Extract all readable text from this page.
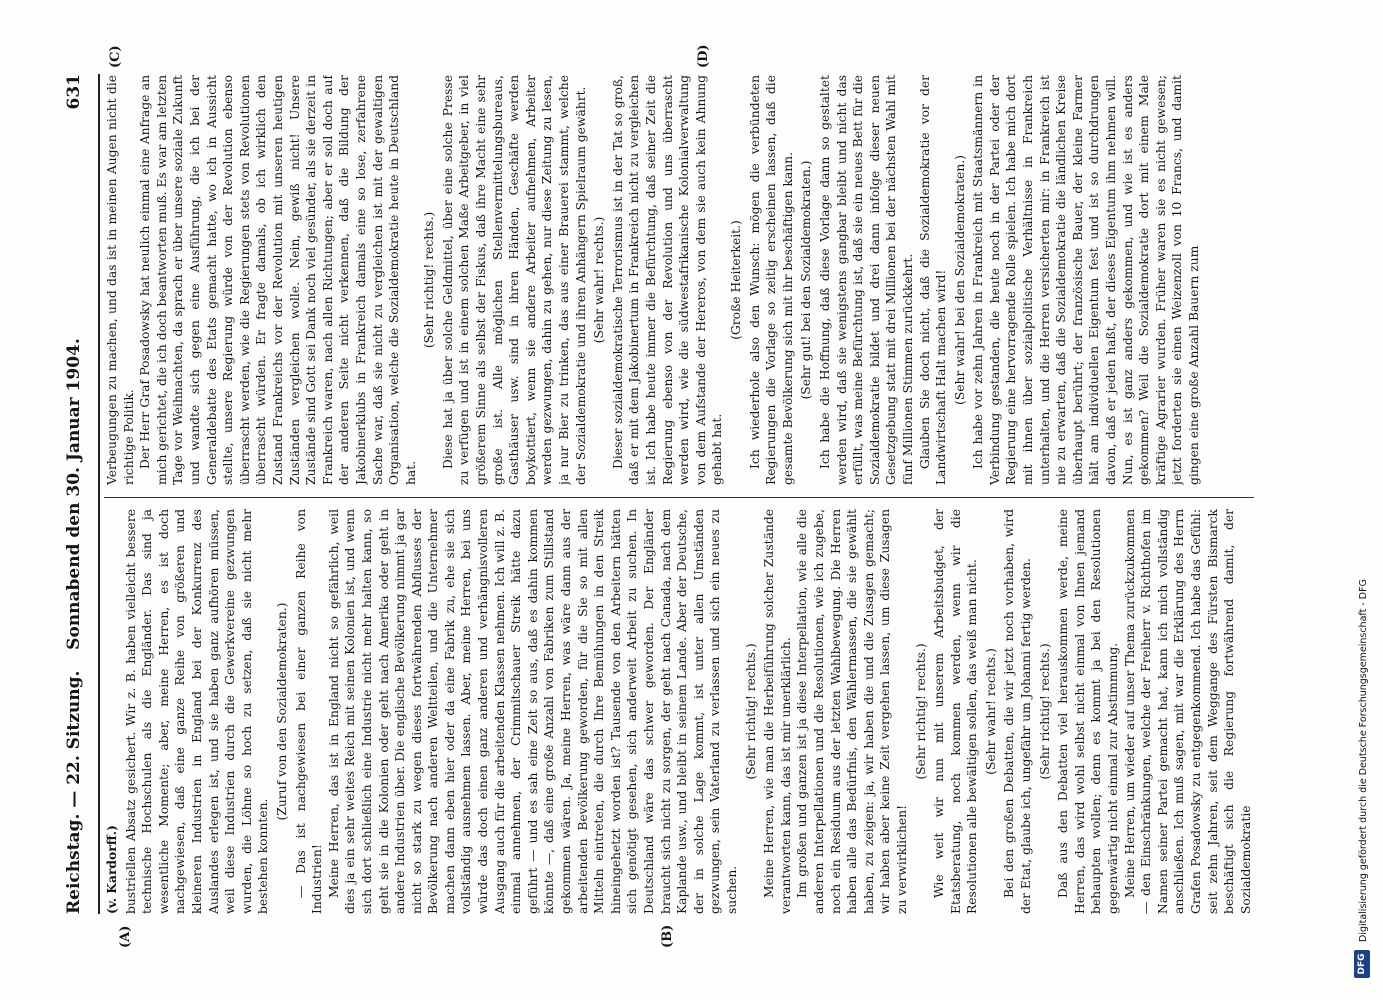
Reichstag. — 22. Sitzung.
Sonnabend den 30. Januar 1904.
631
(A)	(B)
(C)	(D)
(v. Kardorff.) bustriellen Absatz gesichert. Wir z. B. haben vielleicht bessere technische Hochschulen als die Engländer. Das sind ja wesentliche Momente; aber, meine Herren, es ist doch nachgewiesen, daß eine ganze Reihe von größeren und kleineren Industrien in England bei der Konkurrenz des Auslandes erlegen ist, und sie haben ganz aufhören müssen, weil diese Industrien durch die Gewerkvereine gezwungen wurden, die Löhne so hoch zu setzen, daß sie nicht mehr bestehen konnten.

(Zuruf von den Sozialdemokraten.) — Das ist nachgewiesen bei einer ganzen Reihe von Industrien! Meine Herren, das ist in England nicht so gefährlich, weil dies ja ein sehr weites Reich mit seinen Kolonien ist, und wenn sich dort schließlich eine Industrie nicht mehr halten kann, so geht sie in die Kolonien oder geht nach Amerika oder geht in andere Industrien über. Die englische Bevölkerung nimmt ja gar nicht so stark zu wegen dieses fortwährenden Abflusses der Bevölkerung nach anderen Weltteilen, und die Unternehmer machen dann eben hier oder da eine Fabrik zu, ehe sie sich vollständig ausnehmen lassen. Aber, meine Herren, bei uns würde das doch einen ganz anderen und verhängnisvolleren Ausgang auch für die arbeitenden Klassen nehmen. Ich will z. B. einmal annehmen, der Crimmitschauer Streik hätte dazu geführt — und es sah eine Zeit so aus, daß es dahin kommen könnte —, daß eine große Anzahl von Fabriken zum Stillstand gekommen wären. Ja, meine Herren, was wäre dann aus der arbeitenden Bevölkerung geworden, für die Sie so mit allen Mitteln eintreten, die durch Ihre Bemühungen in den Streik hineingehetzt worden ist? Tausende von den Arbeitern hätten sich genötigt gesehen, sich anderweit Arbeit zu suchen. In Deutschland wäre das schwer geworden. Der Engländer braucht sich nicht zu sorgen, der geht nach Canada, nach dem Kaplande usw., und bleibt in seinem Lande. Aber der Deutsche, der in solche Lage kommt, ist unter allen Umständen gezwungen, sein Vaterland zu verlassen und sich ein neues zu suchen.

(Sehr richtig! rechts.) Meine Herren, wie man die Herbeiführung solcher Zustände verantworten kann, das ist mir unerklärlich. Im großen und ganzen ist ja diese Interpellation, wie alle die anderen Interpellationen und die Resolutionen, wie ich zugebe, noch ein Residuum aus der letzten Wahlbewegung. Die Herren haben alle das Bedürfnis, den Wählermassen, die sie gewählt haben, zu zeigen: ja, wir haben die und die Zusagen gemacht; wir haben aber keine Zeit vergehen lassen, um diese Zusagen zu verwirklichen!

(Sehr richtig! rechts.) Wie weit wir nun mit unserem Arbeitsbudget, der Etatsberatung, noch kommen werden, wenn wir die Resolutionen alle bewältigen sollen, das weiß man nicht. (Sehr wahr! rechts.) Bei den großen Debatten, die wir jetzt noch vorhaben, wird der Etat, glaube ich, ungefähr um Johanni fertig werden. (Sehr richtig! rechts.) Daß aus den Debatten viel herauskommen werde, meine Herren, das wird wohl selbst nicht einmal von Ihnen jemand behaupten wollen; denn es kommt ja bei den Resolutionen gegenwärtig nicht einmal zur Abstimmung. Meine Herren, um wieder auf unser Thema zurückzukommen — den Einschränkungen, welche der Freiherr v. Richthofen im Namen seiner Partei gemacht hat, kann ich mich vollständig anschließen. Ich muß sagen, mit war die Erklärung des Herrn Grafen Posadowsky zu entgegenkommend. Ich habe das Gefühl: seit zehn Jahren, seit dem Weggange des Fürsten Bismarck beschäftigt sich die Regierung fortwährend damit, der Sozialdemokratie

Verbeugungen zu machen, und das ist in meinen Augen nicht die richtige Politik. Der Herr Graf Posadowsky hat neulich einmal eine Anfrage an mich gerichtet, die ich doch beantworten muß. Es war am letzten Tage vor Weihnachten, da sprach er über unsere soziale Zukunft und wandte sich gegen eine Ausführung, die ich bei der Generaldebatte des Etats gemacht hatte, wo ich in Aussicht stellte, unsere Regierung würde von der Revolution ebenso überrascht werden, wie die Regierungen stets von Revolutionen überrascht würden. Er fragte damals, ob ich wirklich den Zustand Frankreichs vor der Revolution mit unseren heutigen Zuständen vergleichen wolle. Nein, gewiß nicht! Unsere Zustände sind Gott sei Dank noch viel gesünder, als sie derzeit in Frankreich waren, nach allen Richtungen; aber er soll doch auf der anderen Seite nicht verkennen, daß die Bildung der Jakobinerklubs in Frankreich damals eine so lose, zerfahrene Sache war, daß sie nicht zu vergleichen ist mit der gewaltigen Organisation, welche die Sozialdemokratie heute in Deutschland hat.

(Sehr richtig! rechts.) Diese hat ja über solche Geldmittel, über eine solche Presse zu verfügen und ist in einem solchen Maße Arbeitgeber, in viel größerem Sinne als selbst der Fiskus, daß ihre Macht eine sehr große ist. Alle möglichen Stellenvermittelungsbureaus, Gasthäuser usw. sind in ihren Händen, Geschäfte werden boykottiert, wenn sie andere Arbeiter aufnehmen, Arbeiter werden gezwungen, dahin zu gehen, nur diese Zeitung zu lesen, ja nur Bier zu trinken, das aus einer Brauerei stammt, welche der Sozialdemokratie und ihren Anhängern Spielraum gewährt. (Sehr wahr! rechts.) Dieser sozialdemokratische Terrorismus ist in der Tat so groß, daß er mit dem Jakobinertum in Frankreich nicht zu vergleichen ist. Ich habe heute immer die Befürchtung, daß seiner Zeit die Regierung ebenso von der Revolution und uns überrascht werden wird, wie die südwestafrikanische Kolonialverwaltung von dem Aufstande der Hereros, von dem sie auch kein Ahnung gehabt hat.

(Große Heiterkeit.) Ich wiederhole also den Wunsch: mögen die verbündeten Regierungen die Vorlage so zeitig erscheinen lassen, daß die gesamte Bevölkerung sich mit ihr beschäftigen kann. (Sehr gut! bei den Sozialdemokraten.) Ich habe die Hoffnung, daß diese Vorlage dann so gestaltet werden wird, daß sie wenigstens gangbar bleibt und nicht das erfüllt, was meine Befürchtung ist, daß sie ein neues Bett für die Sozialdemokratie bildet und drei dann infolge dieser neuen Gesetzgebung statt mit drei Millionen bei der nächsten Wahl mit fünf Millionen Stimmen zurückkehrt. Glauben Sie doch nicht, daß die Sozialdemokratie vor der Landwirtschaft Halt machen wird! (Sehr wahr! bei den Sozialdemokraten.) Ich habe vor zehn Jahren in Frankreich mit Staatsmännern in Verbindung gestanden, die heute noch in der Partei oder der Regierung eine hervorragende Rolle spielen. Ich habe mich dort mit ihnen über sozialpolitische Verhältnisse in Frankreich unterhalten, und die Herren versicherten mir: in Frankreich ist nie zu erwarten, daß die Sozialdemokratie die ländlichen Kreise überhaupt berührt; der französische Bauer, der kleine Farmer hält am individuellen Eigentum fest und ist so durchdrungen davon, daß er jeden haßt, der dieses Eigentum ihm nehmen will. Nun, es ist ganz anders gekommen, und wie ist es anders gekommen? Weil die Sozialdemokratie dort mit einem Male kräftige Agrarier wurden. Früher waren sie es nicht gewesen; jetzt forderten sie einen Weizenzoll von 10 Francs, und damit gingen eine große Anzahl Bauern zum

DFG
Digitalisierung gefördert durch die Deutsche Forschungsgemeinschaft - DFG
